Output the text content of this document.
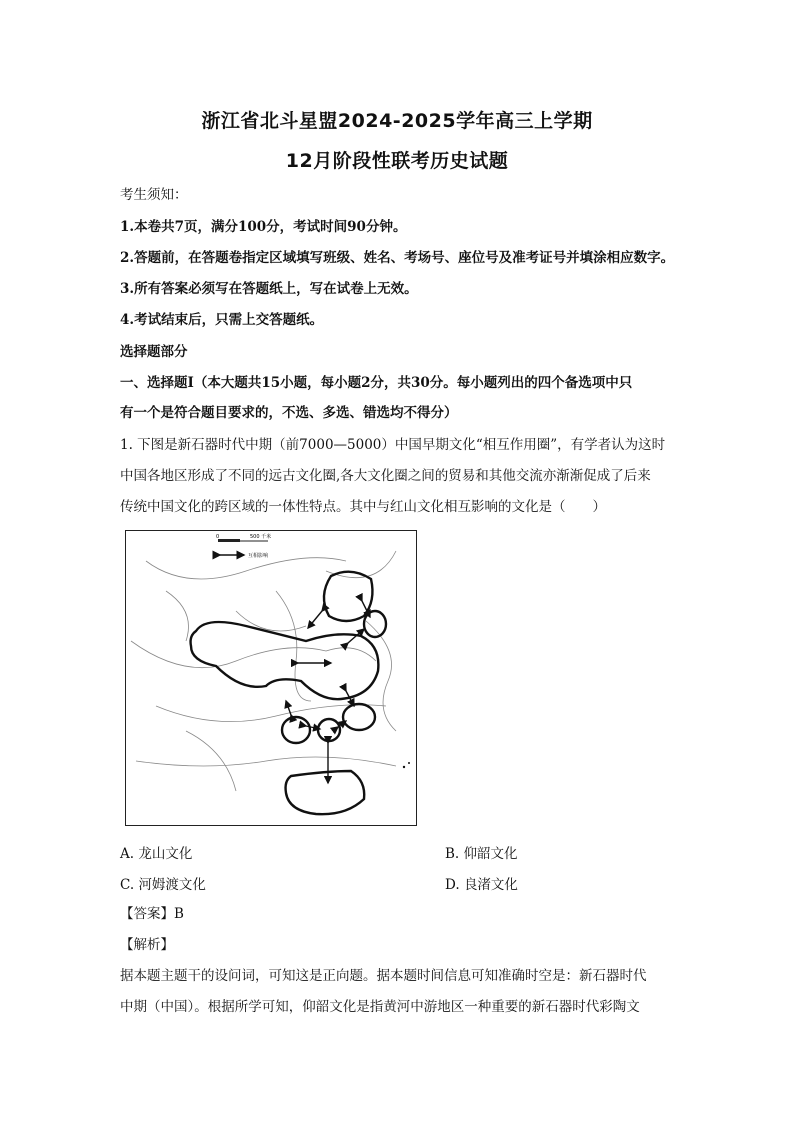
浙江省北斗星盟2024-2025学年高三上学期
12月阶段性联考历史试题
考生须知：
1.本卷共7页，满分100分，考试时间90分钟。
2.答题前，在答题卷指定区域填写班级、姓名、考场号、座位号及准考证号并填涂相应数字。
3.所有答案必须写在答题纸上，写在试卷上无效。
4.考试结束后，只需上交答题纸。
选择题部分
一、选择题Ⅰ（本大题共15小题，每小题2分，共30分。每小题列出的四个备选项中只
有一个是符合题目要求的，不选、多选、错选均不得分）
1. 下图是新石器时代中期（前7000—5000）中国早期文化“相互作用圈”，有学者认为这时
中国各地区形成了不同的远古文化圈,各大文化圈之间的贸易和其他交流亦渐渐促成了后来
传统中国文化的跨区域的一体性特点。其中与红山文化相互影响的文化是（　　）
0	500 千米
互相影响
A. 龙山文化	B. 仰韶文化
C. 河姆渡文化	D. 良渚文化
【答案】B
【解析】
据本题主题干的设问词，可知这是正向题。据本题时间信息可知准确时空是：新石器时代
中期（中国）。根据所学可知，仰韶文化是指黄河中游地区一种重要的新石器时代彩陶文
